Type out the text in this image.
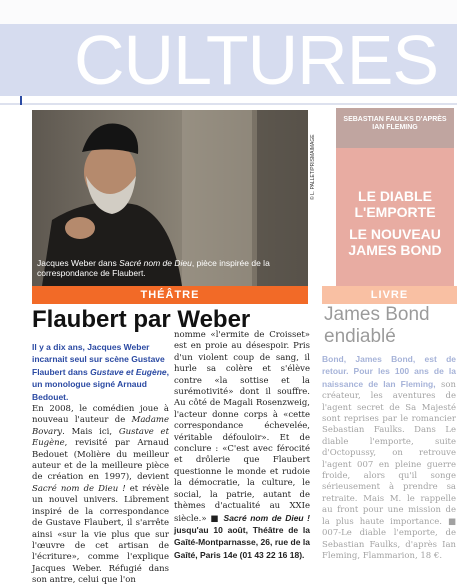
CULTURES
© L. PALLET/PRISMAIMAGE
Jacques Weber dans Sacré nom de Dieu, pièce inspirée de la correspondance de Flaubert.
THÉÂTRE
Flaubert par Weber

Il y a dix ans, Jacques Weber incarnait seul sur scène Gustave Flaubert dans Gustave et Eugène, un monologue signé Arnaud Bedouet.

En 2008, le comédien joue à nouveau l'auteur de Madame Bovary. Mais ici, Gustave et Eugène, revisité par Arnaud Bedouet (Molière du meilleur auteur et de la meilleure pièce de création en 1997), devient Sacré nom de Dieu ! et révèle un nouvel univers. Librement inspiré de la correspondance de Gustave Flaubert, il s'arrête ainsi «sur la vie plus que sur l'œuvre de cet artisan de l'écriture», comme l'explique Jacques Weber. Réfugié dans son antre, celui que l'on

nomme «l'ermite de Croisset» est en proie au désespoir. Pris d'un violent coup de sang, il hurle sa colère et s'élève contre «la sottise et la surémotivité» dont il souffre. Au côté de Magali Rosenzweig, l'acteur donne corps à «cette correspondance échevelée, véritable défouloir». Et de conclure : «C'est avec férocité et drôlerie que Flaubert questionne le monde et rudoie la démocratie, la culture, le social, la patrie, autant de thèmes d'actualité au XXIe siècle.» ■ Sacré nom de Dieu ! jusqu'au 10 août, Théâtre de la Gaîté-Montparnasse, 26, rue de la Gaîté, Paris 14e (01 43 22 16 18).

SEBASTIAN FAULKS D'APRÈS IAN FLEMING
LE DIABLE L'EMPORTE
LE NOUVEAU JAMES BOND
LIVRE
James Bond endiablé
Bond, James Bond, est de retour. Pour les 100 ans de la naissance de Ian Fleming, son créateur, les aventures de l'agent secret de Sa Majesté sont reprises par le romancier Sebastian Faulks. Dans Le diable l'emporte, suite d'Octopussy, on retrouve l'agent 007 en pleine guerre froide, alors qu'il songe sérieusement à prendre sa retraite. Mais M. le rappelle au front pour une mission de la plus haute importance. ■ 007-Le diable l'emporte, de Sebastian Faulks, d'après Ian Fleming, Flammarion, 18 €.
